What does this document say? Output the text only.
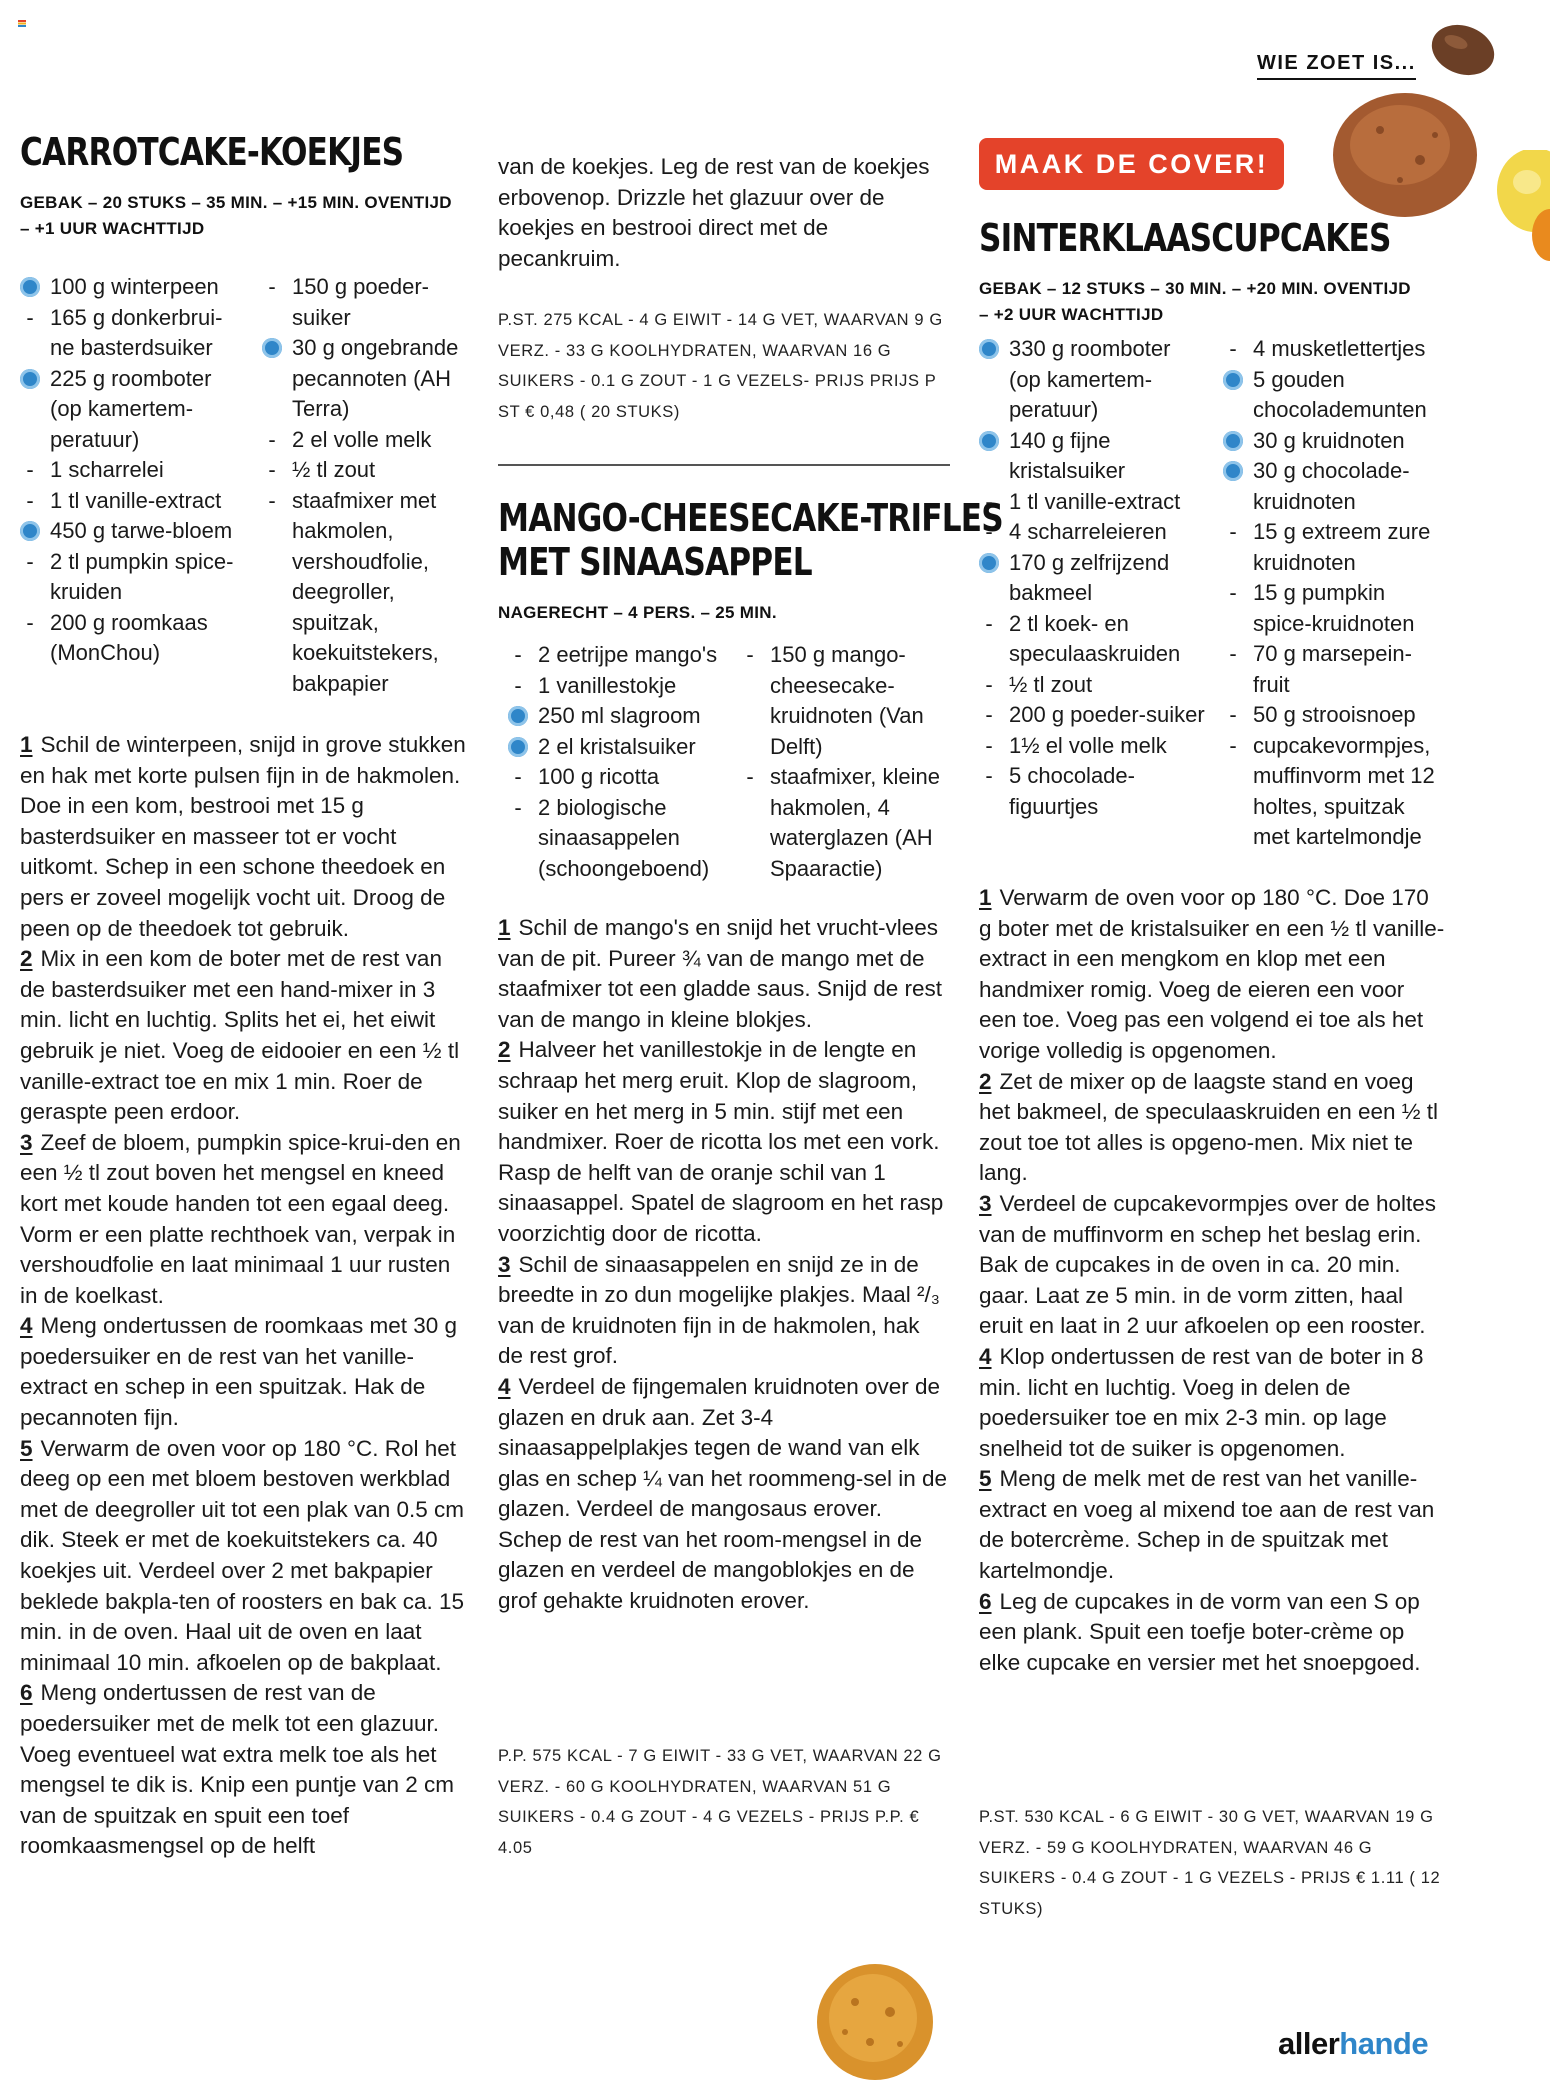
WIE ZOET IS...
CARROTCAKE-KOEKJES
GEBAK – 20 STUKS – 35 MIN. – +15 MIN. OVENTIJD
– +1 UUR WACHTTIJD
100 g winterpeen
-
165 g donkerbrui-ne basterdsuiker
225 g roomboter (op kamertem-peratuur)
-
1 scharrelei
-
1 tl vanille-extract
450 g tarwe-bloem
-
2 tl pumpkin spice-kruiden
-
200 g roomkaas (MonChou)
-
150 g poeder-suiker
30 g ongebrande pecannoten (AH Terra)
-
2 el volle melk
-
½ tl zout
-
staafmixer met hakmolen, vershoudfolie, deegroller, spuitzak, koekuitstekers, bakpapier

1 Schil de winterpeen, snijd in grove stukken en hak met korte pulsen fijn in de hakmolen. Doe in een kom, bestrooi met 15 g basterdsuiker en masseer tot er vocht uitkomt. Schep in een schone theedoek en pers er zoveel mogelijk vocht uit. Droog de peen op de theedoek tot gebruik.

2 Mix in een kom de boter met de rest van de basterdsuiker met een hand-mixer in 3 min. licht en luchtig. Splits het ei, het eiwit gebruik je niet. Voeg de eidooier en een ½ tl vanille-extract toe en mix 1 min. Roer de geraspte peen erdoor.

3 Zeef de bloem, pumpkin spice-krui-den en een ½ tl zout boven het mengsel en kneed kort met koude handen tot een egaal deeg. Vorm er een platte rechthoek van, verpak in vershoudfolie en laat minimaal 1 uur rusten in de koelkast.

4 Meng ondertussen de roomkaas met 30 g poedersuiker en de rest van het vanille-extract en schep in een spuitzak. Hak de pecannoten fijn.

5 Verwarm de oven voor op 180 °C. Rol het deeg op een met bloem bestoven werkblad met de deegroller uit tot een plak van 0.5 cm dik. Steek er met de koekuitstekers ca. 40 koekjes uit. Verdeel over 2 met bakpapier beklede bakpla-ten of roosters en bak ca. 15 min. in de oven. Haal uit de oven en laat minimaal 10 min. afkoelen op de bakplaat.

6 Meng ondertussen de rest van de poedersuiker met de melk tot een glazuur. Voeg eventueel wat extra melk toe als het mengsel te dik is. Knip een puntje van 2 cm van de spuitzak en spuit een toef roomkaasmengsel op de helft

van de koekjes. Leg de rest van de koekjes erbovenop. Drizzle het glazuur over de koekjes en bestrooi direct met de pecankruim.

P.ST. 275 KCAL - 4 G EIWIT - 14 G VET, WAARVAN 9 G VERZ. - 33 G KOOLHYDRATEN, WAARVAN 16 G SUIKERS - 0.1 G ZOUT - 1 G VEZELS- PRIJS PRIJS P ST € 0,48 ( 20 STUKS)

MANGO-CHEESECAKE-TRIFLES
MET SINAASAPPEL
NAGERECHT – 4 PERS. – 25 MIN.
-
2 eetrijpe mango's
-
1 vanillestokje
250 ml slagroom
2 el kristalsuiker
-
100 g ricotta
-
2 biologische sinaasappelen (schoongeboend)
-
150 g mango-cheesecake-kruidnoten (Van Delft)
-
staafmixer, kleine hakmolen, 4 waterglazen (AH Spaaractie)

1 Schil de mango's en snijd het vrucht-vlees van de pit. Pureer ¾ van de mango met de staafmixer tot een gladde saus. Snijd de rest van de mango in kleine blokjes.

2 Halveer het vanillestokje in de lengte en schraap het merg eruit. Klop de slagroom, suiker en het merg in 5 min. stijf met een handmixer. Roer de ricotta los met een vork. Rasp de helft van de oranje schil van 1 sinaasappel. Spatel de slagroom en het rasp voorzichtig door de ricotta.

3 Schil de sinaasappelen en snijd ze in de breedte in zo dun mogelijke plakjes. Maal ²/₃ van de kruidnoten fijn in de hakmolen, hak de rest grof.

4 Verdeel de fijngemalen kruidnoten over de glazen en druk aan. Zet 3-4 sinaasappelplakjes tegen de wand van elk glas en schep ¼ van het roommeng-sel in de glazen. Verdeel de mangosaus erover. Schep de rest van het room-mengsel in de glazen en verdeel de mangoblokjes en de grof gehakte kruidnoten erover.

P.P. 575 KCAL - 7 G EIWIT - 33 G VET, WAARVAN 22 G VERZ. - 60 G KOOLHYDRATEN, WAARVAN 51 G SUIKERS - 0.4 G ZOUT - 4 G VEZELS - PRIJS P.P. € 4.05

MAAK DE COVER!
SINTERKLAASCUPCAKES
GEBAK – 12 STUKS – 30 MIN. – +20 MIN. OVENTIJD
– +2 UUR WACHTTIJD
330 g roomboter (op kamertem-peratuur)
140 g fijne kristalsuiker
-
1 tl vanille-extract
-
4 scharreleieren
170 g zelfrijzend bakmeel
-
2 tl koek- en speculaaskruiden
-
½ tl zout
-
200 g poeder-suiker
-
1½ el volle melk
-
5 chocolade-figuurtjes
-
4 musketlettertjes
5 gouden chocolademunten
30 g kruidnoten
30 g chocolade-kruidnoten
-
15 g extreem zure kruidnoten
-
15 g pumpkin spice-kruidnoten
-
70 g marsepein-fruit
-
50 g strooisnoep
-
cupcakevormpjes, muffinvorm met 12 holtes, spuitzak met kartelmondje

1 Verwarm de oven voor op 180 °C. Doe 170 g boter met de kristalsuiker en een ½ tl vanille-extract in een mengkom en klop met een handmixer romig. Voeg de eieren een voor een toe. Voeg pas een volgend ei toe als het vorige volledig is opgenomen.

2 Zet de mixer op de laagste stand en voeg het bakmeel, de speculaaskruiden en een ½ tl zout toe tot alles is opgeno-men. Mix niet te lang.

3 Verdeel de cupcakevormpjes over de holtes van de muffinvorm en schep het beslag erin. Bak de cupcakes in de oven in ca. 20 min. gaar. Laat ze 5 min. in de vorm zitten, haal eruit en laat in 2 uur afkoelen op een rooster.

4 Klop ondertussen de rest van de boter in 8 min. licht en luchtig. Voeg in delen de poedersuiker toe en mix 2-3 min. op lage snelheid tot de suiker is opgenomen.

5 Meng de melk met de rest van het vanille-extract en voeg al mixend toe aan de rest van de botercrème. Schep in de spuitzak met kartelmondje.

6 Leg de cupcakes in de vorm van een S op een plank. Spuit een toefje boter-crème op elke cupcake en versier met het snoepgoed.

P.ST. 530 KCAL - 6 G EIWIT - 30 G VET, WAARVAN 19 G VERZ. - 59 G KOOLHYDRATEN, WAARVAN 46 G SUIKERS - 0.4 G ZOUT - 1 G VEZELS - PRIJS € 1.11 ( 12 STUKS)

allerhande
